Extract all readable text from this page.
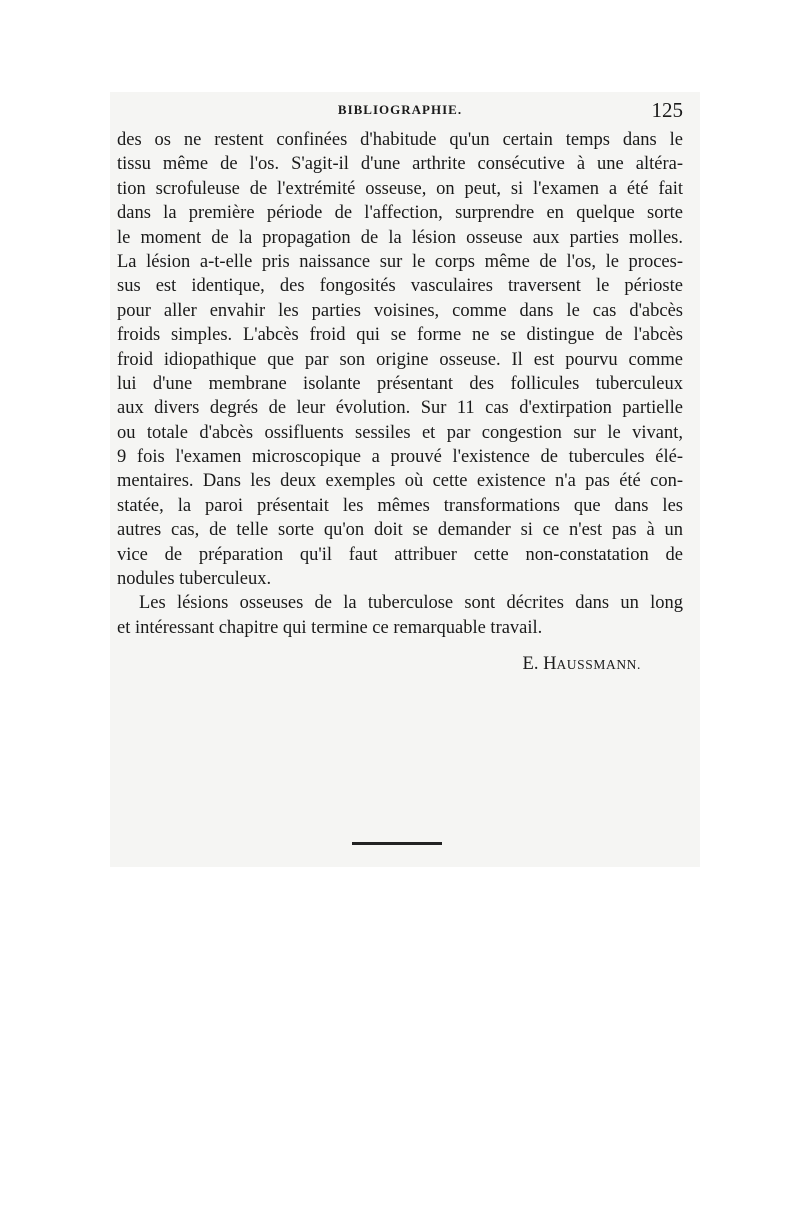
BIBLIOGRAPHIE.	125
des os ne restent confinées d'habitude qu'un certain temps dans le
tissu même de l'os. S'agit-il d'une arthrite consécutive à une altéra-
tion scrofuleuse de l'extrémité osseuse, on peut, si l'examen a été fait
dans la première période de l'affection, surprendre en quelque sorte
le moment de la propagation de la lésion osseuse aux parties molles.
La lésion a-t-elle pris naissance sur le corps même de l'os, le proces-
sus est identique, des fongosités vasculaires traversent le périoste
pour aller envahir les parties voisines, comme dans le cas d'abcès
froids simples. L'abcès froid qui se forme ne se distingue de l'abcès
froid idiopathique que par son origine osseuse. Il est pourvu comme
lui d'une membrane isolante présentant des follicules tuberculeux
aux divers degrés de leur évolution. Sur 11 cas d'extirpation partielle
ou totale d'abcès ossifluents sessiles et par congestion sur le vivant,
9 fois l'examen microscopique a prouvé l'existence de tubercules élé-
mentaires. Dans les deux exemples où cette existence n'a pas été con-
statée, la paroi présentait les mêmes transformations que dans les
autres cas, de telle sorte qu'on doit se demander si ce n'est pas à un
vice de préparation qu'il faut attribuer cette non-constatation de
nodules tuberculeux.
Les lésions osseuses de la tuberculose sont décrites dans un long
et intéressant chapitre qui termine ce remarquable travail.
E. HAUSSMANN.
